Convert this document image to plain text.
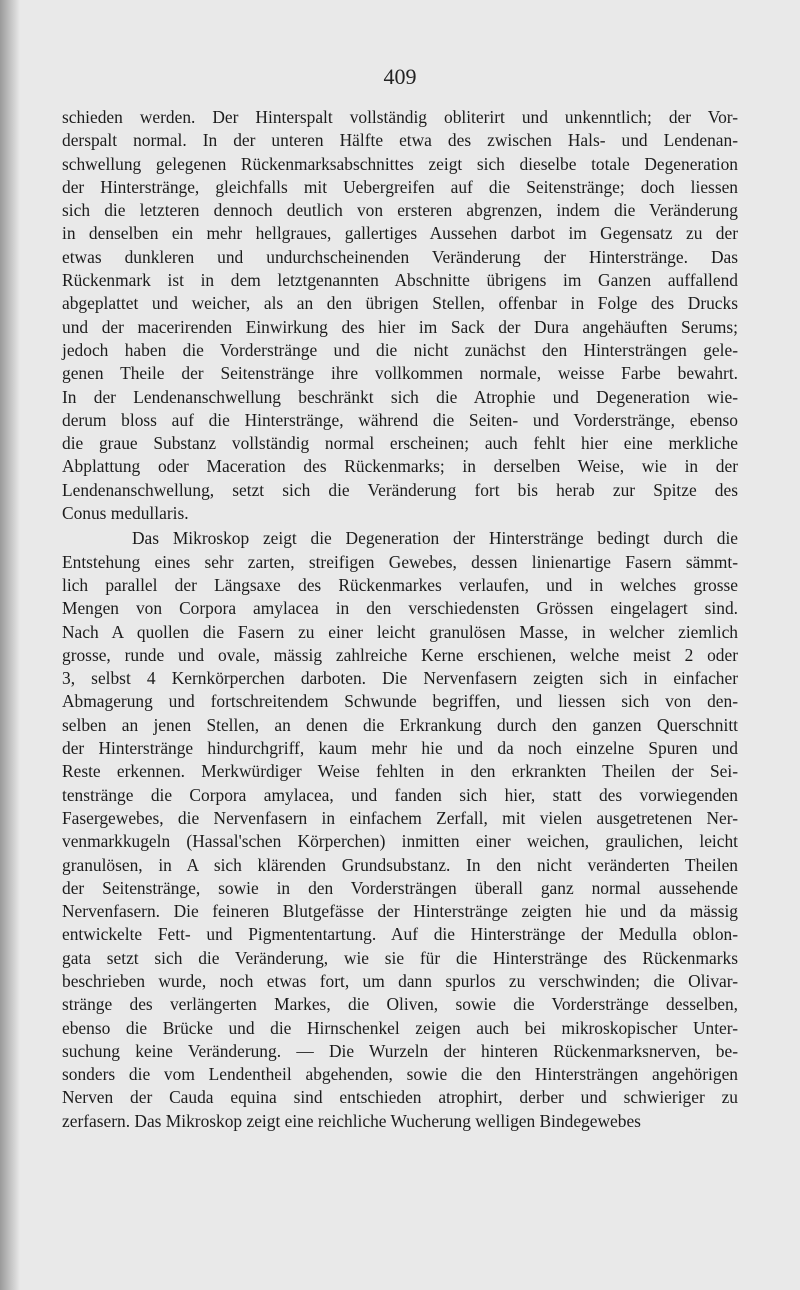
409
schieden werden. Der Hinterspalt vollständig obliterirt und unkenntlich; der Vor-
derspalt normal. In der unteren Hälfte etwa des zwischen Hals- und Lendenan-
schwellung gelegenen Rückenmarksabschnittes zeigt sich dieselbe totale Degeneration
der Hinterstränge, gleichfalls mit Uebergreifen auf die Seitenstränge; doch liessen
sich die letzteren dennoch deutlich von ersteren abgrenzen, indem die Veränderung
in denselben ein mehr hellgraues, gallertiges Aussehen darbot im Gegensatz zu der
etwas dunkleren und undurchscheinenden Veränderung der Hinterstränge. Das
Rückenmark ist in dem letztgenannten Abschnitte übrigens im Ganzen auffallend
abgeplattet und weicher, als an den übrigen Stellen, offenbar in Folge des Drucks
und der macerirenden Einwirkung des hier im Sack der Dura angehäuften Serums;
jedoch haben die Vorderstränge und die nicht zunächst den Hintersträngen gele-
genen Theile der Seitenstränge ihre vollkommen normale, weisse Farbe bewahrt.
In der Lendenanschwellung beschränkt sich die Atrophie und Degeneration wie-
derum bloss auf die Hinterstränge, während die Seiten- und Vorderstränge, ebenso
die graue Substanz vollständig normal erscheinen; auch fehlt hier eine merkliche
Abplattung oder Maceration des Rückenmarks; in derselben Weise, wie in der
Lendenanschwellung, setzt sich die Veränderung fort bis herab zur Spitze des
Conus medullaris.
Das Mikroskop zeigt die Degeneration der Hinterstränge bedingt durch die
Entstehung eines sehr zarten, streifigen Gewebes, dessen linienartige Fasern sämmt-
lich parallel der Längsaxe des Rückenmarkes verlaufen, und in welches grosse
Mengen von Corpora amylacea in den verschiedensten Grössen eingelagert sind.
Nach A quollen die Fasern zu einer leicht granulösen Masse, in welcher ziemlich
grosse, runde und ovale, mässig zahlreiche Kerne erschienen, welche meist 2 oder
3, selbst 4 Kernkörperchen darboten. Die Nervenfasern zeigten sich in einfacher
Abmagerung und fortschreitendem Schwunde begriffen, und liessen sich von den-
selben an jenen Stellen, an denen die Erkrankung durch den ganzen Querschnitt
der Hinterstränge hindurchgriff, kaum mehr hie und da noch einzelne Spuren und
Reste erkennen. Merkwürdiger Weise fehlten in den erkrankten Theilen der Sei-
tenstränge die Corpora amylacea, und fanden sich hier, statt des vorwiegenden
Fasergewebes, die Nervenfasern in einfachem Zerfall, mit vielen ausgetretenen Ner-
venmarkkugeln (Hassal'schen Körperchen) inmitten einer weichen, graulichen, leicht
granulösen, in A sich klärenden Grundsubstanz. In den nicht veränderten Theilen
der Seitenstränge, sowie in den Vordersträngen überall ganz normal aussehende
Nervenfasern. Die feineren Blutgefässe der Hinterstränge zeigten hie und da mässig
entwickelte Fett- und Pigmententartung. Auf die Hinterstränge der Medulla oblon-
gata setzt sich die Veränderung, wie sie für die Hinterstränge des Rückenmarks
beschrieben wurde, noch etwas fort, um dann spurlos zu verschwinden; die Olivar-
stränge des verlängerten Markes, die Oliven, sowie die Vorderstränge desselben,
ebenso die Brücke und die Hirnschenkel zeigen auch bei mikroskopischer Unter-
suchung keine Veränderung. — Die Wurzeln der hinteren Rückenmarksnerven, be-
sonders die vom Lendentheil abgehenden, sowie die den Hintersträngen angehörigen
Nerven der Cauda equina sind entschieden atrophirt, derber und schwieriger zu
zerfasern. Das Mikroskop zeigt eine reichliche Wucherung welligen Bindegewebes
